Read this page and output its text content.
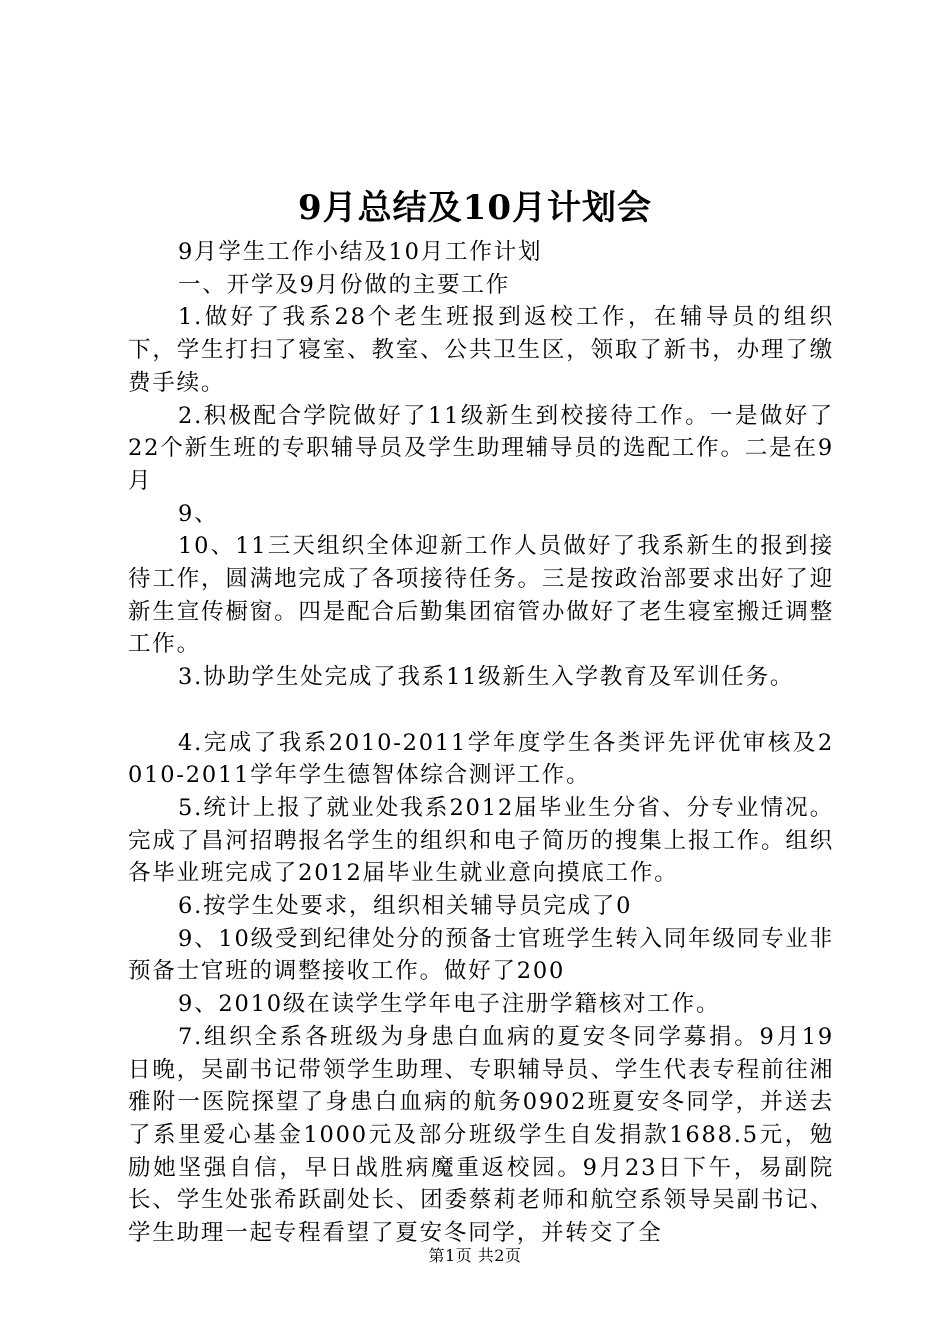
9月总结及10月计划会

9月学生工作小结及10月工作计划

一、开学及9月份做的主要工作

1.做好了我系28个老生班报到返校工作，在辅导员的组织下，学生打扫了寝室、教室、公共卫生区，领取了新书，办理了缴费手续。

2.积极配合学院做好了11级新生到校接待工作。一是做好了22个新生班的专职辅导员及学生助理辅导员的选配工作。二是在9月

9、

10、11三天组织全体迎新工作人员做好了我系新生的报到接待工作，圆满地完成了各项接待任务。三是按政治部要求出好了迎新生宣传橱窗。四是配合后勤集团宿管办做好了老生寝室搬迁调整工作。

3.协助学生处完成了我系11级新生入学教育及军训任务。

4.完成了我系2010-2011学年度学生各类评先评优审核及2010-2011学年学生德智体综合测评工作。

5.统计上报了就业处我系2012届毕业生分省、分专业情况。完成了昌河招聘报名学生的组织和电子简历的搜集上报工作。组织各毕业班完成了2012届毕业生就业意向摸底工作。

6.按学生处要求，组织相关辅导员完成了0

9、10级受到纪律处分的预备士官班学生转入同年级同专业非预备士官班的调整接收工作。做好了200

9、2010级在读学生学年电子注册学籍核对工作。

7.组织全系各班级为身患白血病的夏安冬同学募捐。9月19日晚，吴副书记带领学生助理、专职辅导员、学生代表专程前往湘雅附一医院探望了身患白血病的航务0902班夏安冬同学，并送去了系里爱心基金1000元及部分班级学生自发捐款1688.5元，勉励她坚强自信，早日战胜病魔重返校园。9月23日下午，易副院长、学生处张希跃副处长、团委蔡莉老师和航空系领导吴副书记、学生助理一起专程看望了夏安冬同学，并转交了全

第1页 共2页
